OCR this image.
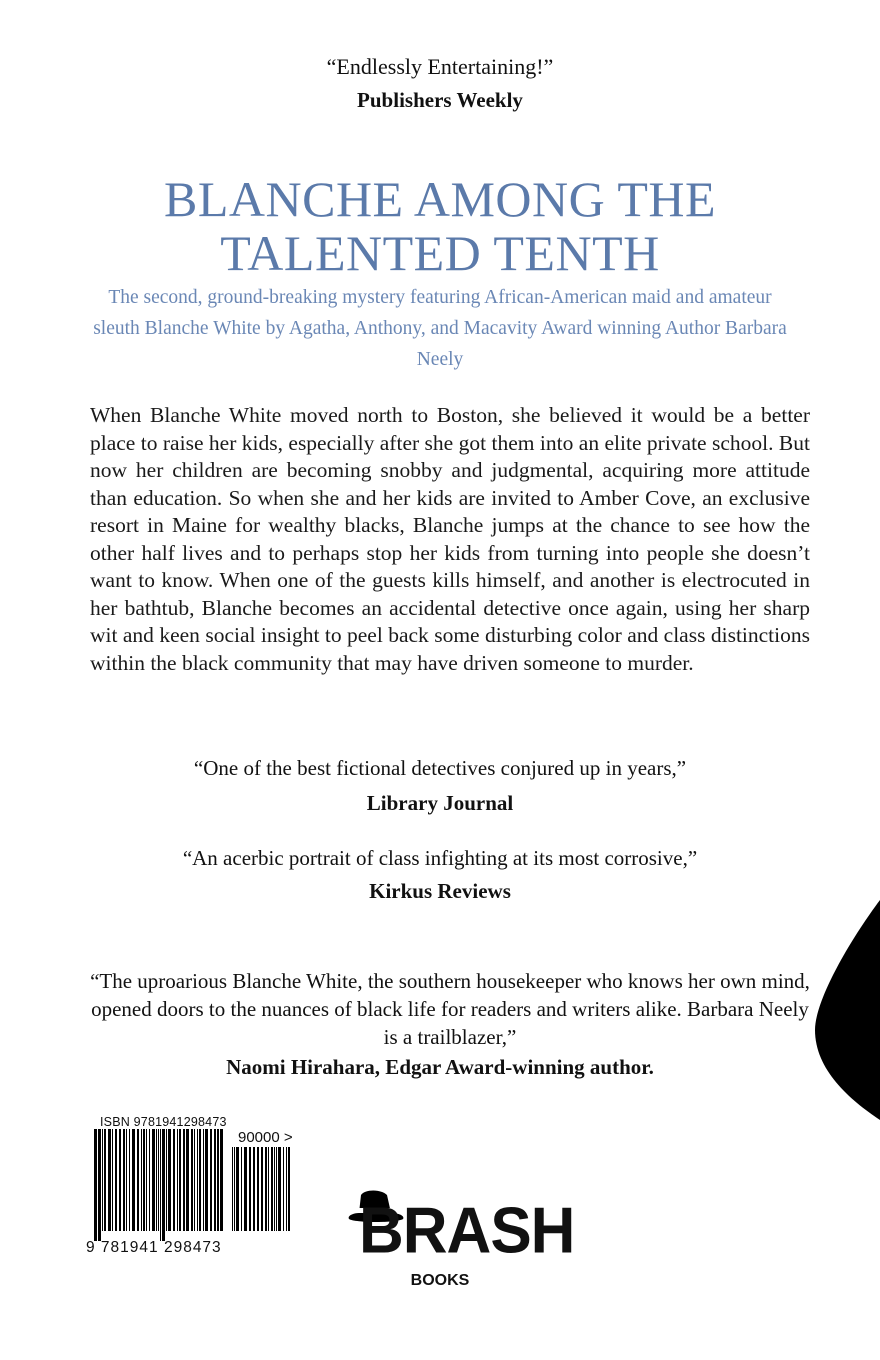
“Endlessly Entertaining!”

Publishers Weekly

BLANCHE AMONG THE
TALENTED TENTH

The second, ground-breaking mystery featuring African-American maid and amateur sleuth Blanche White by Agatha, Anthony, and Macavity Award winning Author Barbara Neely

When Blanche White moved north to Boston, she believed it would be a better place to raise her kids, especially after she got them into an elite private school. But now her children are becoming snobby and judgmental, acquiring more attitude than education. So when she and her kids are invited to Amber Cove, an exclusive resort in Maine for wealthy blacks, Blanche jumps at the chance to see how the other half lives and to perhaps stop her kids from turning into people she doesn’t want to know. When one of the guests kills himself, and another is electrocuted in her bathtub, Blanche becomes an accidental detective once again, using her sharp wit and keen social insight to peel back some disturbing color and class distinctions within the black community that may have driven someone to murder.

“One of the best fictional detectives conjured up in years,”

Library Journal

“An acerbic portrait of class infighting at its most corrosive,”

Kirkus Reviews

“The uproarious Blanche White, the southern housekeeper who knows her own mind, opened doors to the nuances of black life for readers and writers alike. Barbara Neely is a trailblazer,”

Naomi Hirahara, Edgar Award-winning author.

ISBN 9781941298473
90000 >
9 781941 298473 BRASH
BOOKS
